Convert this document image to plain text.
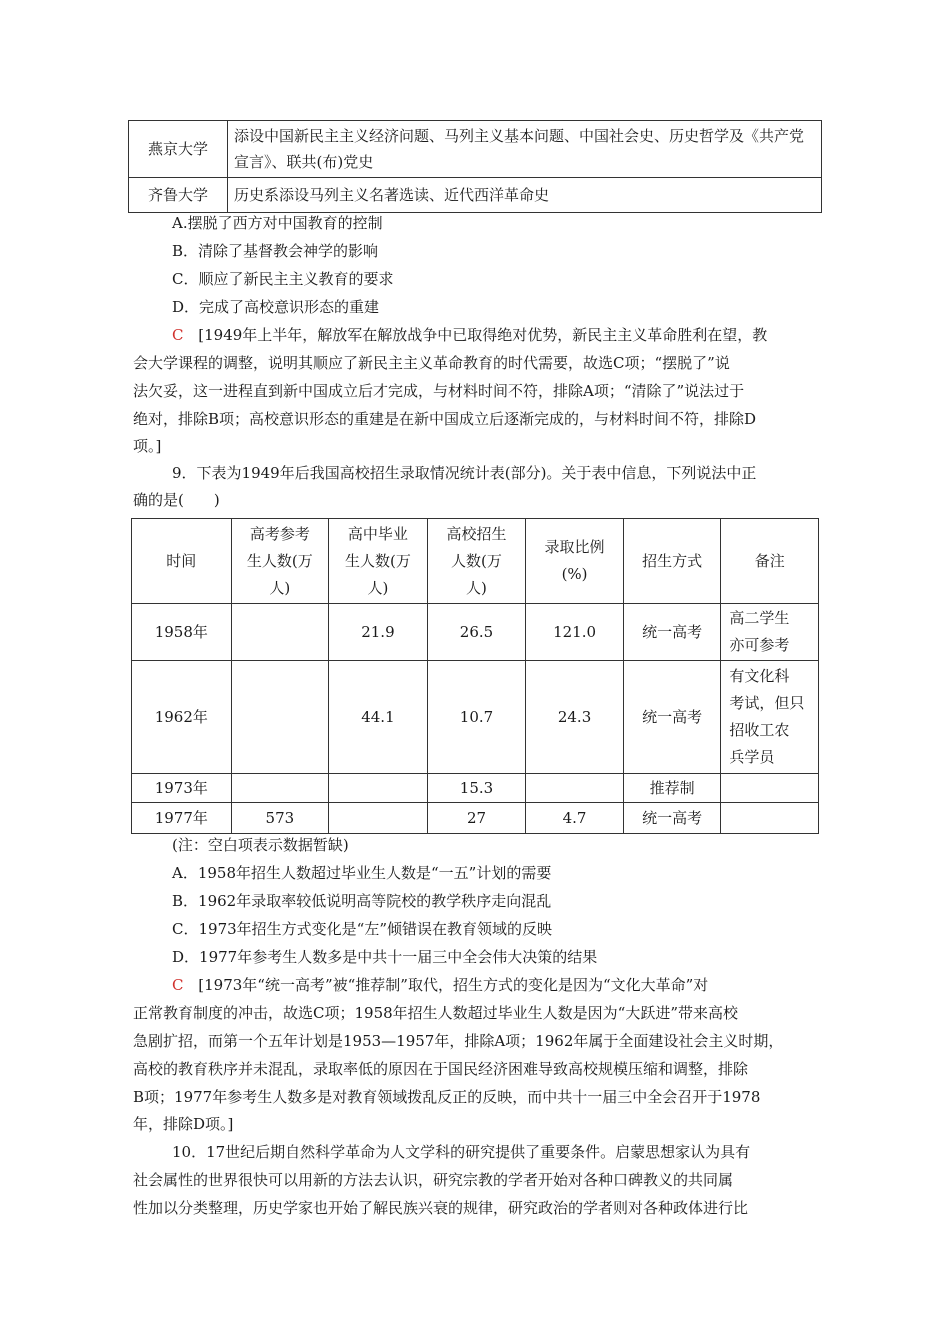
燕京大学	添设中国新民主主义经济问题、马列主义基本问题、中国社会史、历史哲学及《共产党宣言》、联共(布)党史
齐鲁大学	历史系添设马列主义名著选读、近代西洋革命史
A.摆脱了西方对中国教育的控制
B．清除了基督教会神学的影响
C．顺应了新民主主义教育的要求
D．完成了高校意识形态的重建
C [1949年上半年，解放军在解放战争中已取得绝对优势，新民主主义革命胜利在望，教
会大学课程的调整，说明其顺应了新民主主义革命教育的时代需要，故选C项；“摆脱了”说
法欠妥，这一进程直到新中国成立后才完成，与材料时间不符，排除A项；“清除了”说法过于
绝对，排除B项；高校意识形态的重建是在新中国成立后逐渐完成的，与材料时间不符，排除D
项。]
9．下表为1949年后我国高校招生录取情况统计表(部分)。关于表中信息，下列说法中正
确的是(　　)
时间	高考参考
生人数(万
人)	高中毕业
生人数(万
人)	高校招生
人数(万
人)	录取比例
(%)	招生方式	备注
1958年		21.9	26.5	121.0	统一高考	高二学生
亦可参考
1962年		44.1	10.7	24.3	统一高考	有文化科
考试，但只
招收工农
兵学员
1973年			15.3		推荐制	
1977年	573		27	4.7	统一高考	
(注：空白项表示数据暂缺)
A．1958年招生人数超过毕业生人数是“一五”计划的需要
B．1962年录取率较低说明高等院校的教学秩序走向混乱
C．1973年招生方式变化是“左”倾错误在教育领域的反映
D．1977年参考生人数多是中共十一届三中全会伟大决策的结果
C [1973年“统一高考”被“推荐制”取代，招生方式的变化是因为“文化大革命”对
正常教育制度的冲击，故选C项；1958年招生人数超过毕业生人数是因为“大跃进”带来高校
急剧扩招，而第一个五年计划是1953—1957年，排除A项；1962年属于全面建设社会主义时期，
高校的教育秩序并未混乱，录取率低的原因在于国民经济困难导致高校规模压缩和调整，排除
B项；1977年参考生人数多是对教育领域拨乱反正的反映，而中共十一届三中全会召开于1978
年，排除D项。]
10．17世纪后期自然科学革命为人文学科的研究提供了重要条件。启蒙思想家认为具有
社会属性的世界很快可以用新的方法去认识，研究宗教的学者开始对各种口碑教义的共同属
性加以分类整理，历史学家也开始了解民族兴衰的规律，研究政治的学者则对各种政体进行比
